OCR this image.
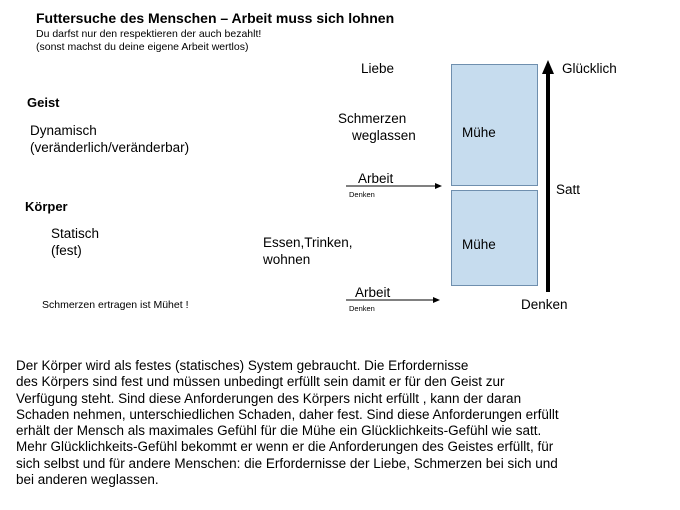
Futtersuche des Menschen – Arbeit muss sich lohnen
Du darfst nur den respektieren der auch bezahlt!
(sonst machst du deine eigene Arbeit wertlos)
Geist
Dynamisch
(veränderlich/veränderbar)
Körper
Statisch
(fest)
Schmerzen ertragen ist Mühet !
Liebe
Schmerzen
weglassen
Arbeit
Denken
Essen,Trinken,
wohnen
Arbeit
Denken
Mühe
Mühe
Glücklich
Satt
Denken
Der Körper wird als festes (statisches) System gebraucht. Die Erfordernisse
des Körpers sind fest und müssen unbedingt erfüllt sein damit er für den Geist zur
Verfügung steht. Sind diese Anforderungen des Körpers nicht erfüllt , kann der daran
Schaden nehmen, unterschiedlichen Schaden, daher fest. Sind diese Anforderungen erfüllt
erhält der Mensch als maximales Gefühl für die Mühe ein Glücklichkeits-Gefühl wie satt.
Mehr Glücklichkeits-Gefühl bekommt er wenn er die Anforderungen des Geistes erfüllt, für
sich selbst und für andere Menschen: die Erfordernisse der Liebe, Schmerzen bei sich und
bei anderen weglassen.
